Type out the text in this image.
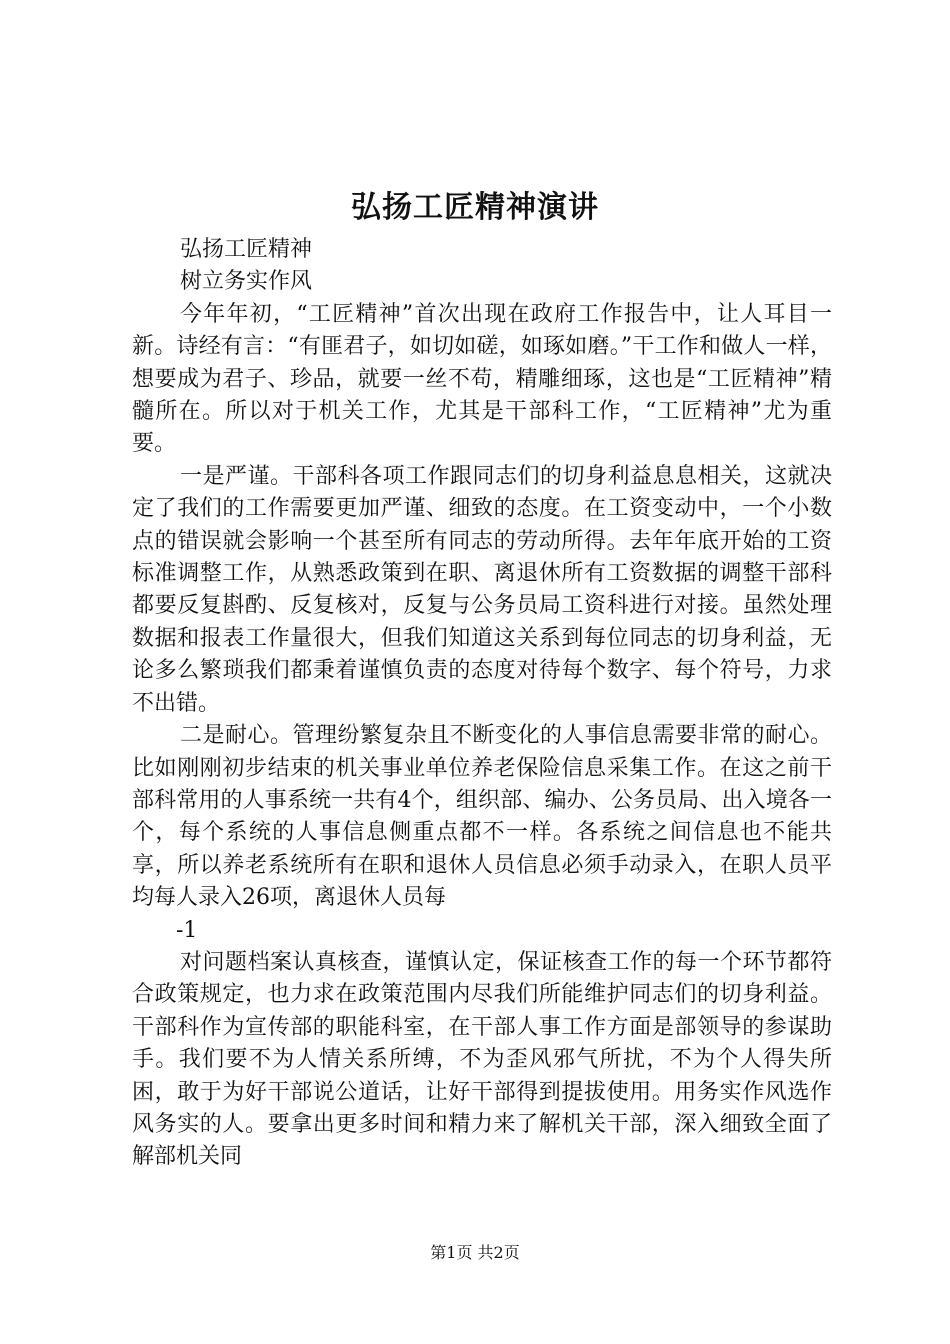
弘扬工匠精神演讲

弘扬工匠精神

树立务实作风

今年年初，“工匠精神”首次出现在政府工作报告中，让人耳目一新。诗经有言：“有匪君子，如切如磋，如琢如磨。”干工作和做人一样，想要成为君子、珍品，就要一丝不苟，精雕细琢，这也是“工匠精神”精髓所在。所以对于机关工作，尤其是干部科工作，“工匠精神”尤为重要。

一是严谨。干部科各项工作跟同志们的切身利益息息相关，这就决定了我们的工作需要更加严谨、细致的态度。在工资变动中，一个小数点的错误就会影响一个甚至所有同志的劳动所得。去年年底开始的工资标准调整工作，从熟悉政策到在职、离退休所有工资数据的调整干部科都要反复斟酌、反复核对，反复与公务员局工资科进行对接。虽然处理数据和报表工作量很大，但我们知道这关系到每位同志的切身利益，无论多么繁琐我们都秉着谨慎负责的态度对待每个数字、每个符号，力求不出错。

二是耐心。管理纷繁复杂且不断变化的人事信息需要非常的耐心。比如刚刚初步结束的机关事业单位养老保险信息采集工作。在这之前干部科常用的人事系统一共有4个，组织部、编办、公务员局、出入境各一个，每个系统的人事信息侧重点都不一样。各系统之间信息也不能共享，所以养老系统所有在职和退休人员信息必须手动录入，在职人员平均每人录入26项，离退休人员每

-1

对问题档案认真核查，谨慎认定，保证核查工作的每一个环节都符合政策规定，也力求在政策范围内尽我们所能维护同志们的切身利益。干部科作为宣传部的职能科室，在干部人事工作方面是部领导的参谋助手。我们要不为人情关系所缚，不为歪风邪气所扰，不为个人得失所困，敢于为好干部说公道话，让好干部得到提拔使用。用务实作风选作风务实的人。要拿出更多时间和精力来了解机关干部，深入细致全面了解部机关同

第1页 共2页
